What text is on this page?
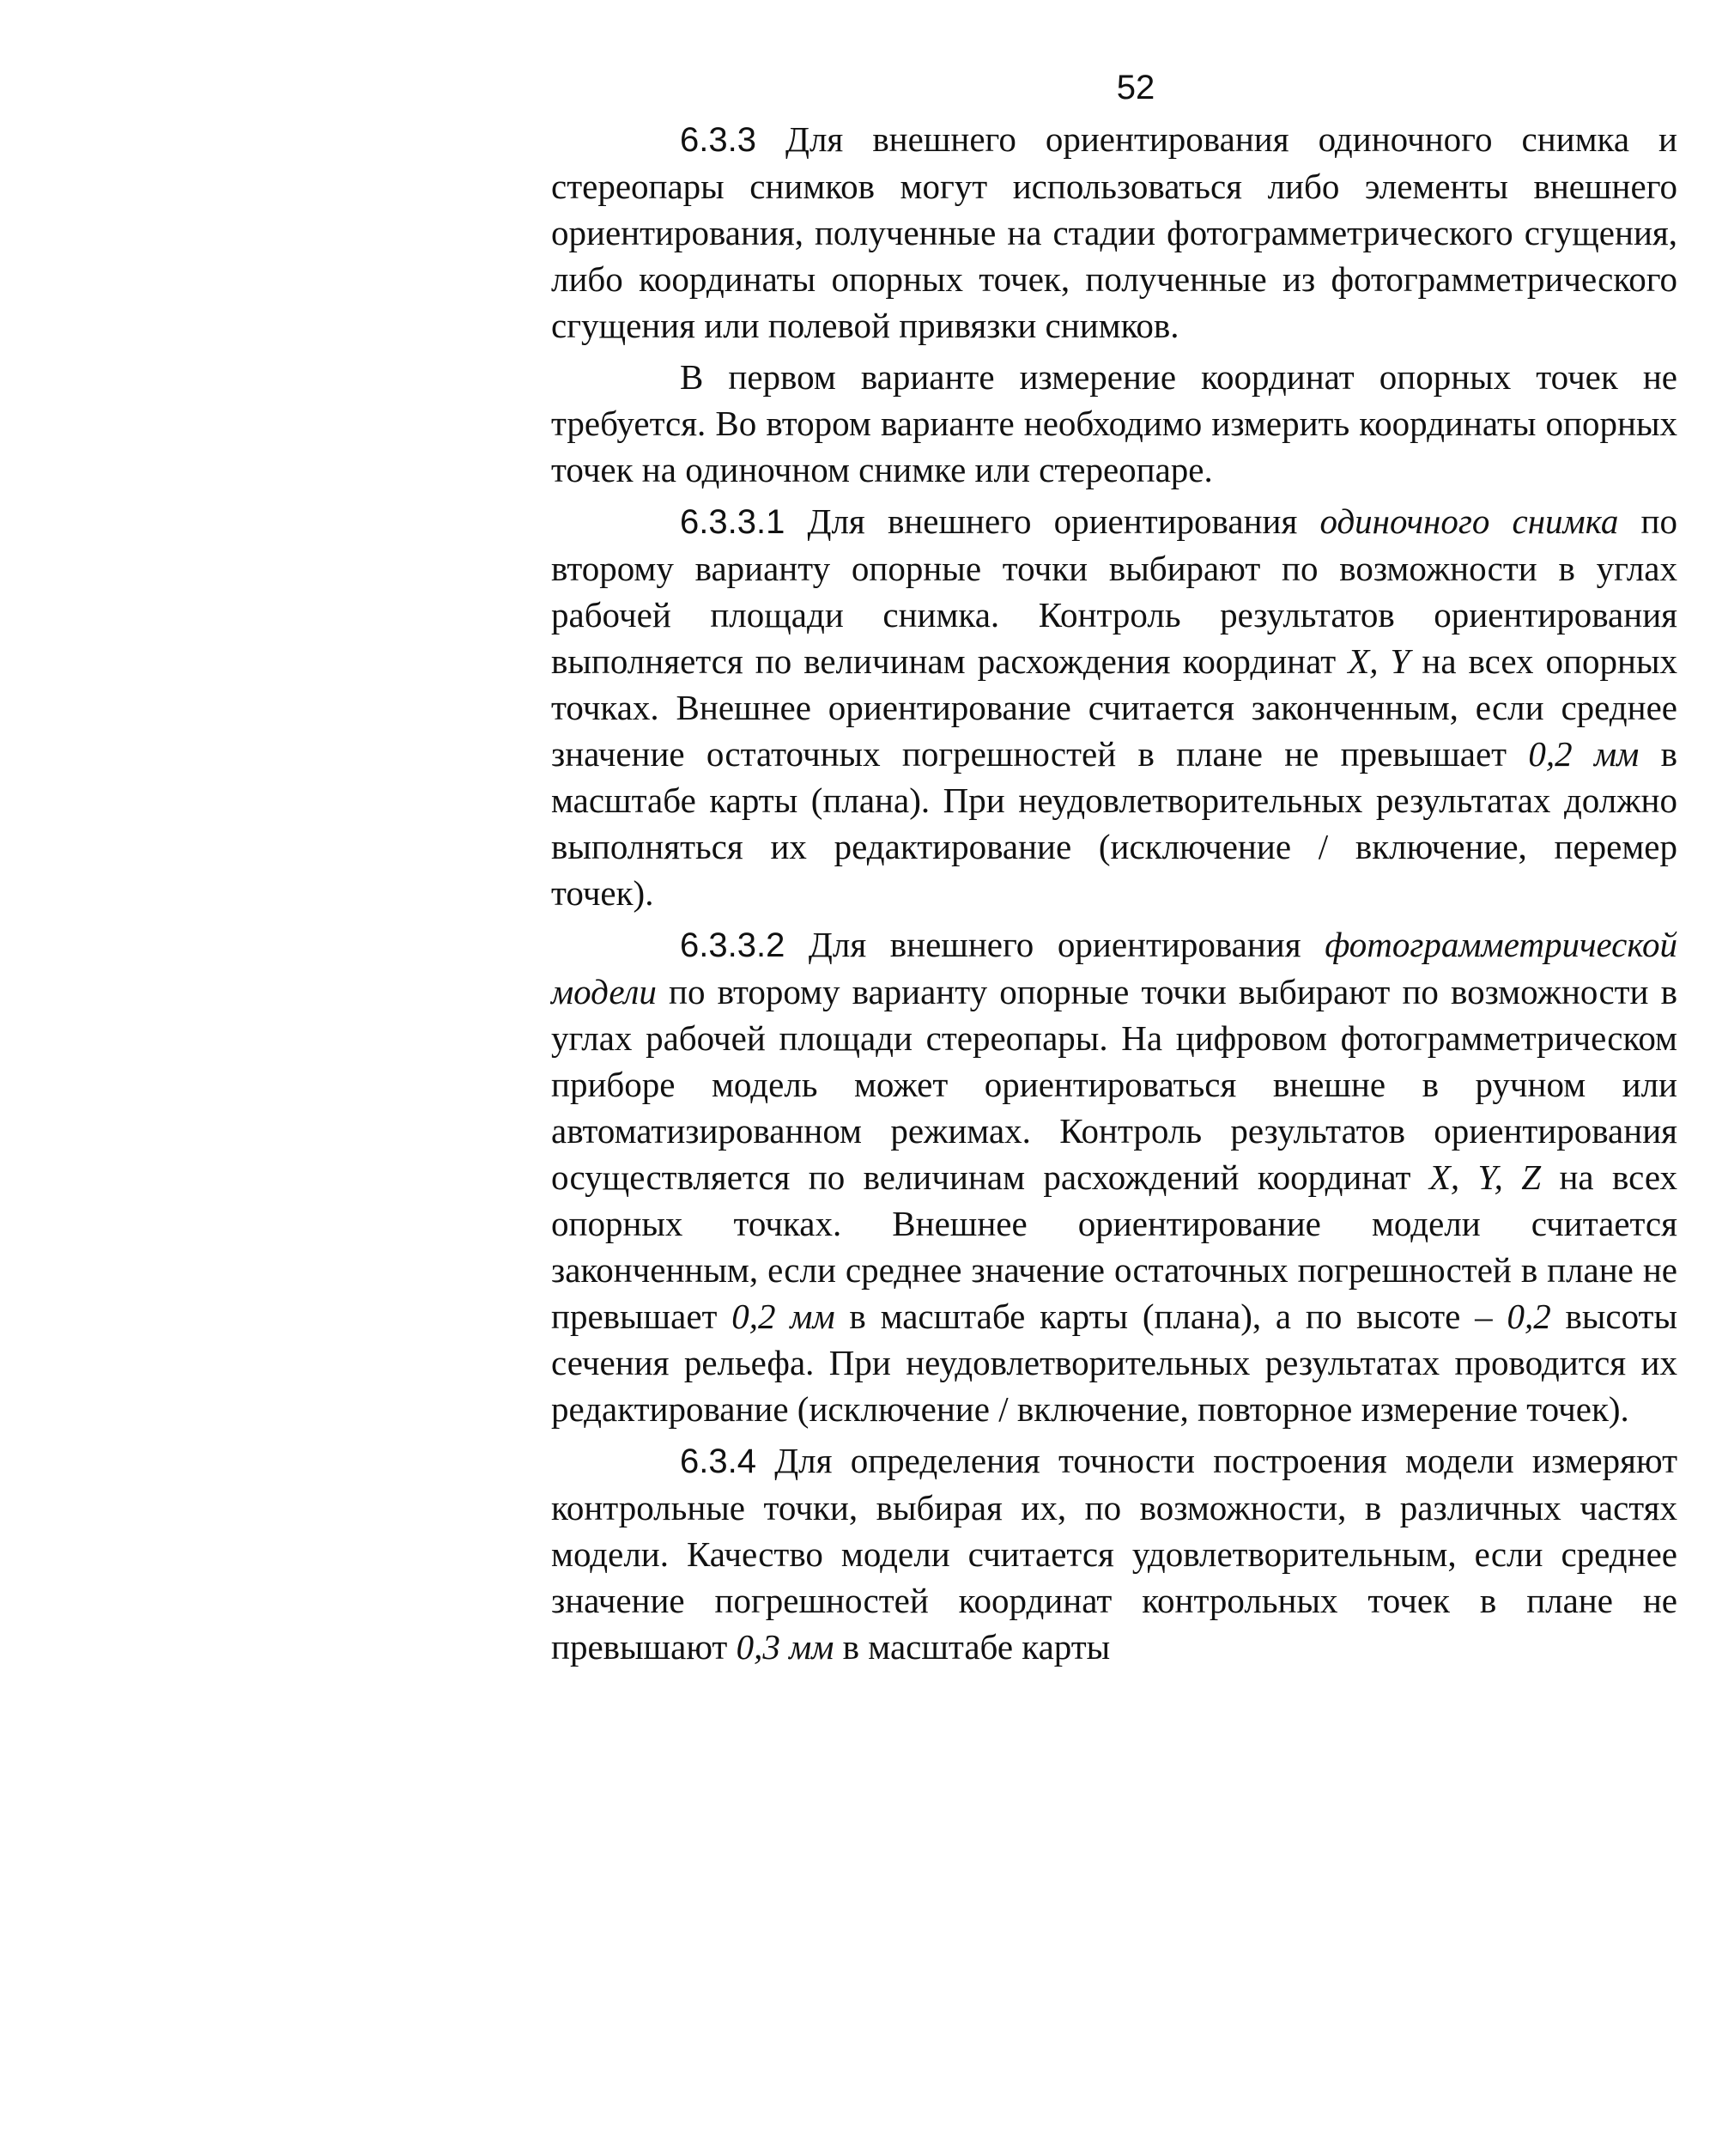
52

6.3.3 Для внешнего ориентирования одиночного снимка и стереопары снимков могут использоваться либо элементы внешнего ориентирования, полученные на стадии фотограмметрического сгущения, либо координаты опорных точек, полученные из фотограмметрического сгущения или полевой привязки снимков.

В первом варианте измерение координат опорных точек не требуется. Во втором варианте необходимо измерить координаты опорных точек на одиночном снимке или стереопаре.

6.3.3.1 Для внешнего ориентирования одиночного снимка по второму варианту опорные точки выбирают по возможности в углах рабочей площади снимка. Контроль результатов ориентирования выполняется по величинам расхождения координат X, Y на всех опорных точках. Внешнее ориентирование считается законченным, если среднее значение остаточных погрешностей в плане не превышает 0,2 мм в масштабе карты (плана). При неудовлетворительных результатах должно выполняться их редактирование (исключение / включение, перемер точек).

6.3.3.2 Для внешнего ориентирования фотограмметрической модели по второму варианту опорные точки выбирают по возможности в углах рабочей площади стереопары. На цифровом фотограмметрическом приборе модель может ориентироваться внешне в ручном или автоматизированном режимах. Контроль результатов ориентирования осуществляется по величинам расхождений координат X, Y, Z на всех опорных точках. Внешнее ориентирование модели считается законченным, если среднее значение остаточных погрешностей в плане не превышает 0,2 мм в масштабе карты (плана), а по высоте – 0,2 высоты сечения рельефа. При неудовлетворительных результатах проводится их редактирование (исключение / включение, повторное измерение точек).

6.3.4 Для определения точности построения модели измеряют контрольные точки, выбирая их, по возможности, в различных частях модели. Качество модели считается удовлетворительным, если среднее значение погрешностей координат контрольных точек в плане не превышают 0,3 мм в масштабе карты
